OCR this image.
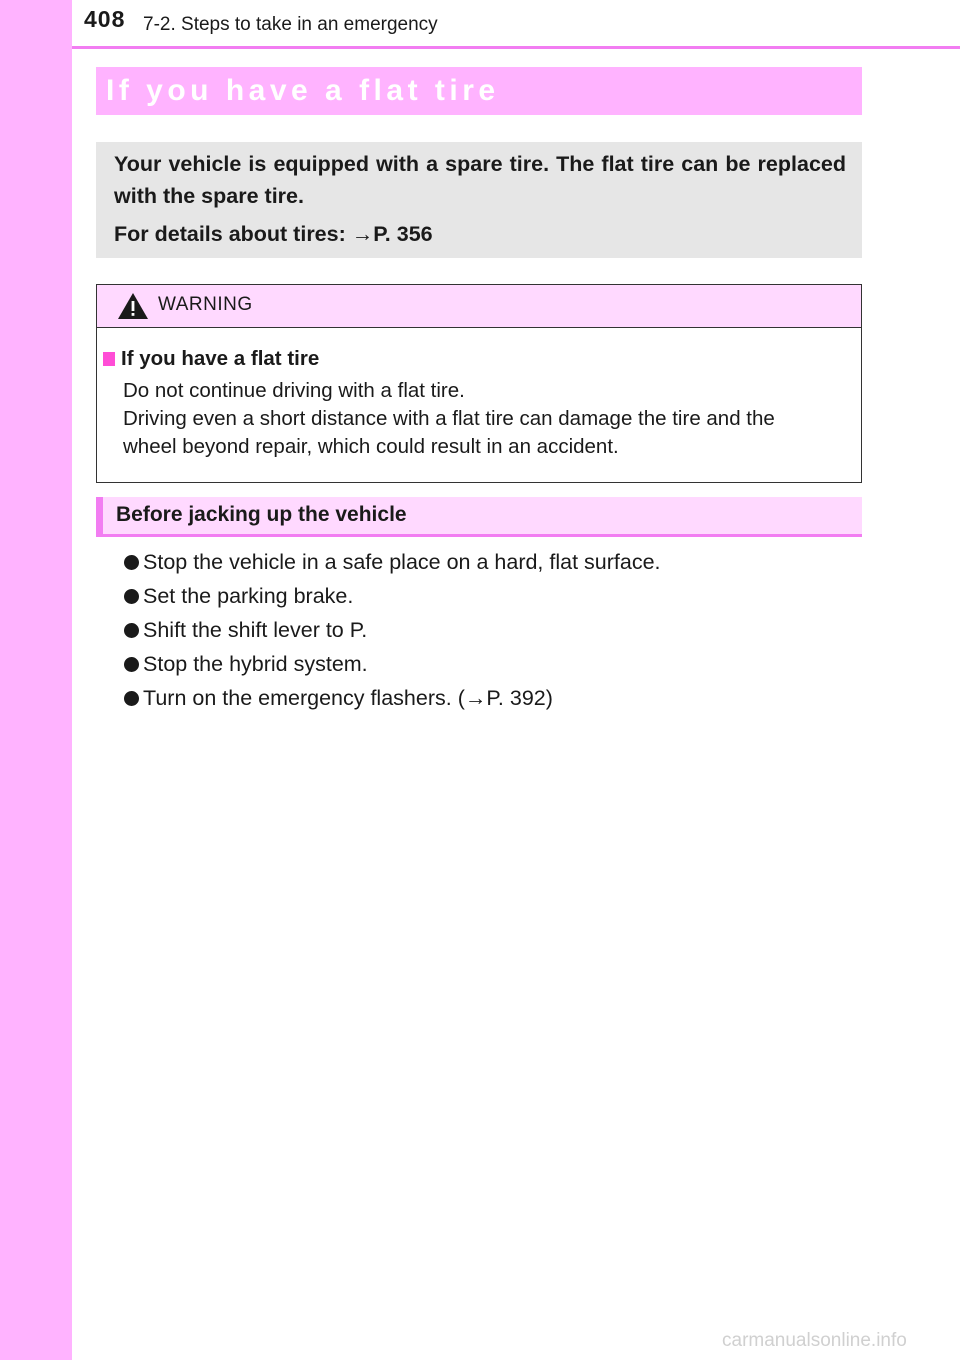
408 7-2. Steps to take in an emergency
If you have a flat tire

Your vehicle is equipped with a spare tire. The flat tire can be replaced with the spare tire.

For details about tires: →P. 356

WARNING
If you have a flat tire
Do not continue driving with a flat tire.
Driving even a short distance with a flat tire can damage the tire and the
wheel beyond repair, which could result in an accident.
Before jacking up the vehicle
Stop the vehicle in a safe place on a hard, flat surface.
Set the parking brake.
Shift the shift lever to P.
Stop the hybrid system.
Turn on the emergency flashers. (→P. 392)
carmanualsonline.info
